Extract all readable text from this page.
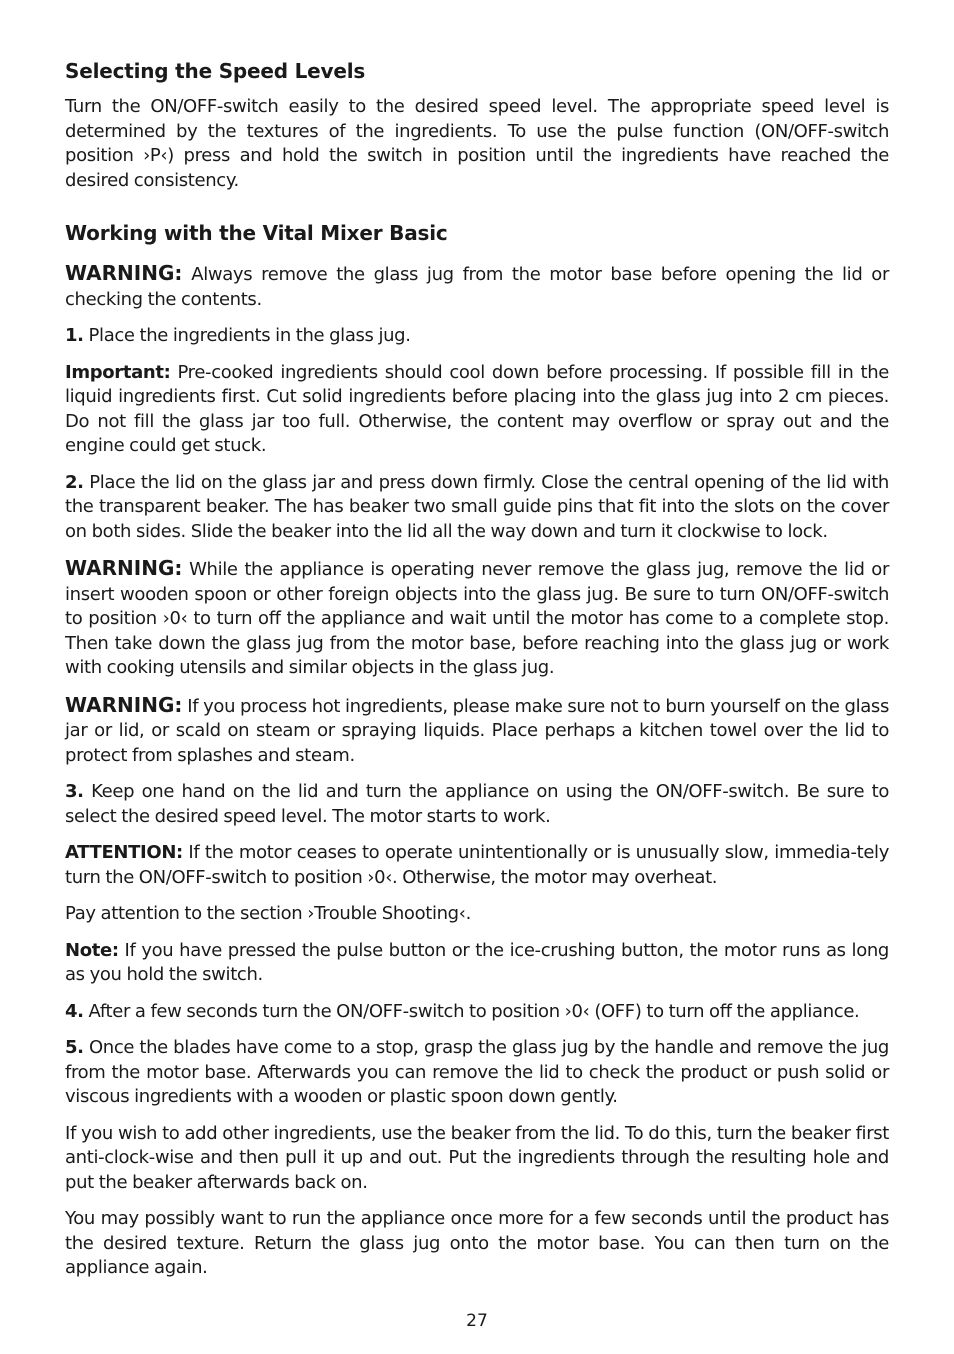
Selecting the Speed Levels

Turn the ON/OFF-switch easily to the desired speed level. The appropriate speed level is determined by the textures of the ingredients. To use the pulse function (ON/OFF-switch position ›P‹) press and hold the switch in position until the ingredients have reached the desired consistency.

Working with the Vital Mixer Basic

WARNING: Always remove the glass jug from the motor base before opening the lid or checking the contents.

1. Place the ingredients in the glass jug.

Important: Pre-cooked ingredients should cool down before processing. If possible fill in the liquid ingredients first. Cut solid ingredients before placing into the glass jug into 2 cm pieces. Do not fill the glass jar too full. Otherwise, the content may overflow or spray out and the engine could get stuck.

2. Place the lid on the glass jar and press down firmly. Close the central opening of the lid with the transparent beaker. The has beaker two small guide pins that fit into the slots on the cover on both sides. Slide the beaker into the lid all the way down and turn it clockwise to lock.

WARNING: While the appliance is operating never remove the glass jug, remove the lid or insert wooden spoon or other foreign objects into the glass jug. Be sure to turn ON/OFF-switch to position ›0‹ to turn off the appliance and wait until the motor has come to a complete stop. Then take down the glass jug from the motor base, before reaching into the glass jug or work with cooking utensils and similar objects in the glass jug.

WARNING: If you process hot ingredients, please make sure not to burn yourself on the glass jar or lid, or scald on steam or spraying liquids. Place perhaps a kitchen towel over the lid to protect from splashes and steam.

3. Keep one hand on the lid and turn the appliance on using the ON/OFF-switch. Be sure to select the desired speed level. The motor starts to work.

ATTENTION: If the motor ceases to operate unintentionally or is unusually slow, immedia-tely turn the ON/OFF-switch to position ›0‹. Otherwise, the motor may overheat.

Pay attention to the section ›Trouble Shooting‹.

Note: If you have pressed the pulse button or the ice-crushing button, the motor runs as long as you hold the switch.

4. After a few seconds turn the ON/OFF-switch to position ›0‹ (OFF) to turn off the appliance.

5. Once the blades have come to a stop, grasp the glass jug by the handle and remove the jug from the motor base. Afterwards you can remove the lid to check the product or push solid or viscous ingredients with a wooden or plastic spoon down gently.

If you wish to add other ingredients, use the beaker from the lid. To do this, turn the beaker first anti-clock-wise and then pull it up and out. Put the ingredients through the resulting hole and put the beaker afterwards back on.

You may possibly want to run the appliance once more for a few seconds until the product has the desired texture. Return the glass jug onto the motor base. You can then turn on the appliance again.

27
